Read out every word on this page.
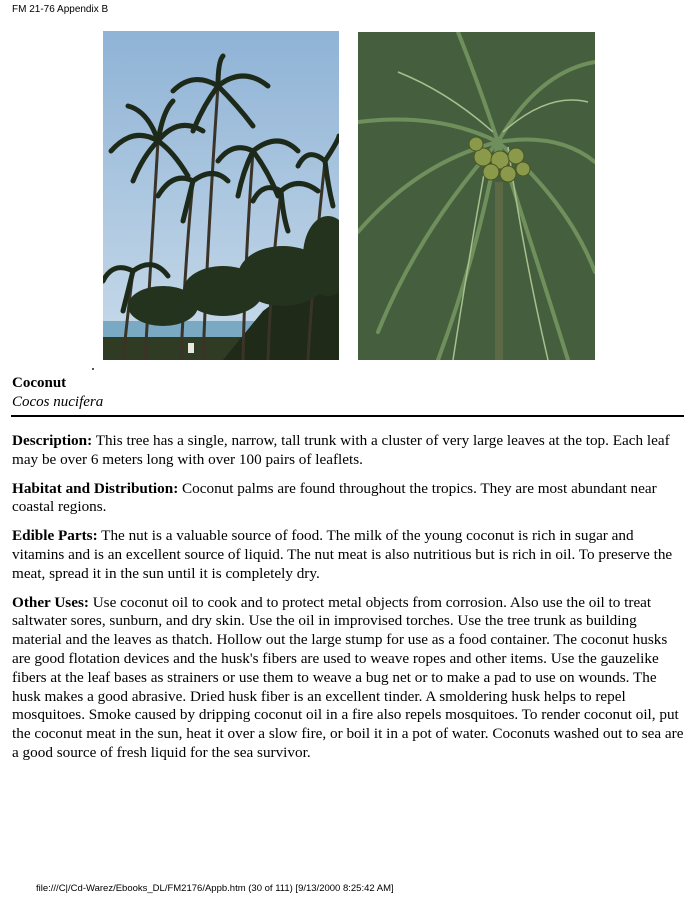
FM 21-76 Appendix B
Coconut
Cocos nucifera

Description: This tree has a single, narrow, tall trunk with a cluster of very large leaves at the top. Each leaf may be over 6 meters long with over 100 pairs of leaflets.

Habitat and Distribution: Coconut palms are found throughout the tropics. They are most abundant near coastal regions.

Edible Parts: The nut is a valuable source of food. The milk of the young coconut is rich in sugar and vitamins and is an excellent source of liquid. The nut meat is also nutritious but is rich in oil. To preserve the meat, spread it in the sun until it is completely dry.

Other Uses: Use coconut oil to cook and to protect metal objects from corrosion. Also use the oil to treat saltwater sores, sunburn, and dry skin. Use the oil in improvised torches. Use the tree trunk as building material and the leaves as thatch. Hollow out the large stump for use as a food container. The coconut husks are good flotation devices and the husk's fibers are used to weave ropes and other items. Use the gauzelike fibers at the leaf bases as strainers or use them to weave a bug net or to make a pad to use on wounds. The husk makes a good abrasive. Dried husk fiber is an excellent tinder. A smoldering husk helps to repel mosquitoes. Smoke caused by dripping coconut oil in a fire also repels mosquitoes. To render coconut oil, put the coconut meat in the sun, heat it over a slow fire, or boil it in a pot of water. Coconuts washed out to sea are a good source of fresh liquid for the sea survivor.

file:///C|/Cd-Warez/Ebooks_DL/FM2176/Appb.htm (30 of 111) [9/13/2000 8:25:42 AM]
